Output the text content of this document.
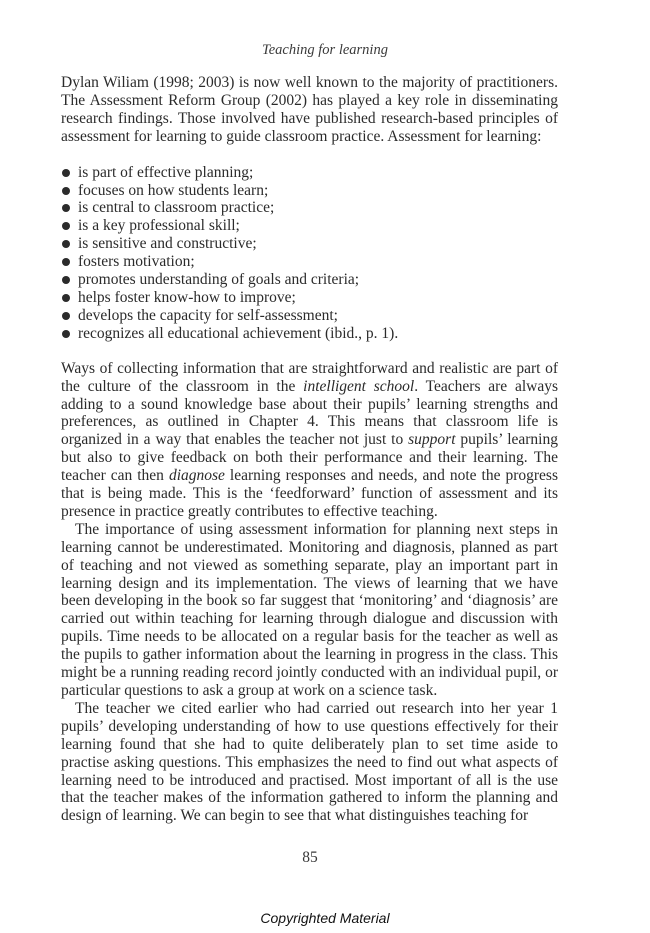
Teaching for learning

Dylan Wiliam (1998; 2003) is now well known to the majority of practitioners. The Assessment Reform Group (2002) has played a key role in disseminating research findings. Those involved have published research-based principles of assessment for learning to guide classroom practice. Assessment for learning:

is part of effective planning;
focuses on how students learn;
is central to classroom practice;
is a key professional skill;
is sensitive and constructive;
fosters motivation;
promotes understanding of goals and criteria;
helps foster know-how to improve;
develops the capacity for self-assessment;
recognizes all educational achievement (ibid., p. 1).

Ways of collecting information that are straightforward and realistic are part of the culture of the classroom in the intelligent school. Teachers are always adding to a sound knowledge base about their pupils’ learning strengths and preferences, as outlined in Chapter 4. This means that classroom life is organized in a way that enables the teacher not just to support pupils’ learning but also to give feedback on both their performance and their learning. The teacher can then diagnose learning responses and needs, and note the progress that is being made. This is the ‘feedforward’ function of assessment and its presence in practice greatly contributes to effective teaching.

The importance of using assessment information for planning next steps in learning cannot be underestimated. Monitoring and diagnosis, planned as part of teaching and not viewed as something separate, play an important part in learning design and its implementation. The views of learning that we have been developing in the book so far suggest that ‘monitoring’ and ‘diagnosis’ are carried out within teaching for learning through dialogue and discussion with pupils. Time needs to be allocated on a regular basis for the teacher as well as the pupils to gather information about the learning in progress in the class. This might be a running reading record jointly conducted with an individual pupil, or particular questions to ask a group at work on a science task.

The teacher we cited earlier who had carried out research into her year 1 pupils’ developing understanding of how to use questions effectively for their learning found that she had to quite deliberately plan to set time aside to practise asking questions. This emphasizes the need to find out what aspects of learning need to be introduced and practised. Most important of all is the use that the teacher makes of the information gathered to inform the planning and design of learning. We can begin to see that what distinguishes teaching for

85
Copyrighted Material
